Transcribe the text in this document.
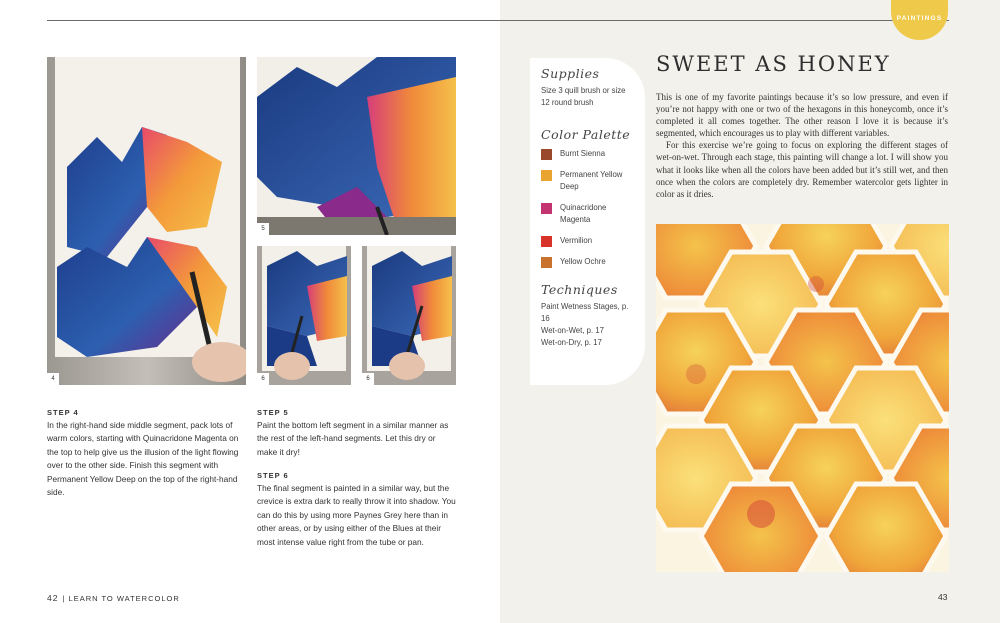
PAINTINGS
4
5
6	6
STEP 4
In the right-hand side middle segment, pack lots of warm colors, starting with Quinacridone Magenta on the top to help give us the illusion of the light flowing over to the other side. Finish this segment with Permanent Yellow Deep on the top of the right-hand side.
STEP 5
Paint the bottom left segment in a similar manner as the rest of the left-hand segments. Let this dry or make it dry!
STEP 6
The final segment is painted in a similar way, but the crevice is extra dark to really throw it into shadow. You can do this by using more Paynes Grey here than in other areas, or by using either of the Blues at their most intense value right from the tube or pan.
Supplies
Size 3 quill brush or size 12 round brush
Color Palette
Burnt Sienna
Permanent Yellow Deep
Quinacridone Magenta
Vermilion
Yellow Ochre
Techniques
Paint Wetness Stages, p. 16
Wet-on-Wet, p. 17
Wet-on-Dry, p. 17
SWEET AS HONEY

This is one of my favorite paintings because it’s so low pressure, and even if you’re not happy with one or two of the hexagons in this honeycomb, once it’s completed it all comes together. The other reason I love it is because it’s segmented, which encourages us to play with different variables.

For this exercise we’re going to focus on exploring the different stages of wet-on-wet. Through each stage, this painting will change a lot. I will show you what it looks like when all the colors have been added but it’s still wet, and then once when the colors are completely dry. Remember watercolor gets lighter in color as it dries.

42 | LEARN TO WATERCOLOR	43
